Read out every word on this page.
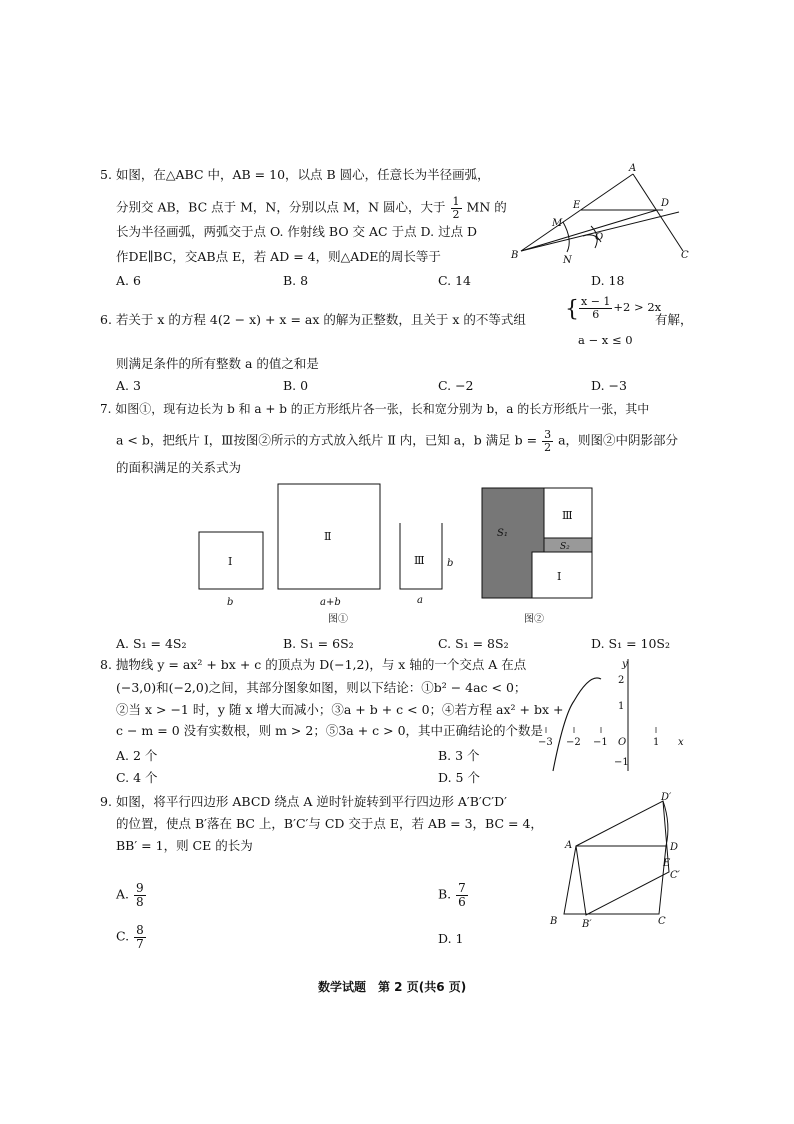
5. 如图，在△ABC 中，AB = 10，以点 B 圆心，任意长为半径画弧，
分别交 AB，BC 点于 M，N，分别以点 M，N 圆心，大于 $\frac{1}{2}$ MN 的
长为半径画弧，两弧交于点 O. 作射线 BO 交 AC 于点 D. 过点 D
作DE∥BC，交AB点 E，若 AD = 4，则△ADE的周长等于
A. 6	B. 8	C. 14	D. 18
A
B	C
D
E
M
N
O
6. 若关于 x 的方程 4(2 − x) + x = ax 的解为正整数，且关于 x 的不等式组 { $\frac{x - 1}{6} +2 > 2x$
a − x ≤ 0
有解，
则满足条件的所有整数 a 的值之和是
A. 3	B. 0	C. −2	D. −3
7. 如图①，现有边长为 b 和 a + b 的正方形纸片各一张，长和宽分别为 b，a 的长方形纸片一张，其中
a < b，把纸片 Ⅰ，Ⅲ按图②所示的方式放入纸片 Ⅱ 内，已知 a，b 满足 $b = \frac{3}{2}$ a，则图②中阴影部分
的面积满足的关系式为
Ⅰ
b
Ⅱ
a+b
Ⅲ b
a
图①
S₁
Ⅲ
S₂
Ⅰ
图②
A. S₁ = 4S₂	B. S₁ = 6S₂	C. S₁ = 8S₂	D. S₁ = 10S₂
8. 抛物线 y = ax² + bx + c 的顶点为 D(−1,2)，与 x 轴的一个交点 A 在点
(−3,0)和(−2,0)之间，其部分图象如图，则以下结论：①b² − 4ac < 0；
②当 x > −1 时，y 随 x 增大而减小；③a + b + c < 0；④若方程 ax² + bx +
c − m = 0 没有实数根，则 m > 2；⑤3a + c > 0，其中正确结论的个数是
A. 2 个	B. 3 个
C. 4 个	D. 5 个
y
x
−3 −2 −1 O	1
2
1
−1
9. 如图，将平行四边形 ABCD 绕点 A 逆时针旋转到平行四边形 A′B′C′D′
的位置，使点 B′落在 BC 上，B′C′与 CD 交于点 E，若 AB = 3，BC = 4，
BB′ = 1，则 CE 的长为
A. $\frac{9}{8}$	B. $\frac{7}{6}$
C. $\frac{8}{7}$	D. 1
A
B B′	C
C′
D
D′
E
数学试题　第 2 页(共6 页)
